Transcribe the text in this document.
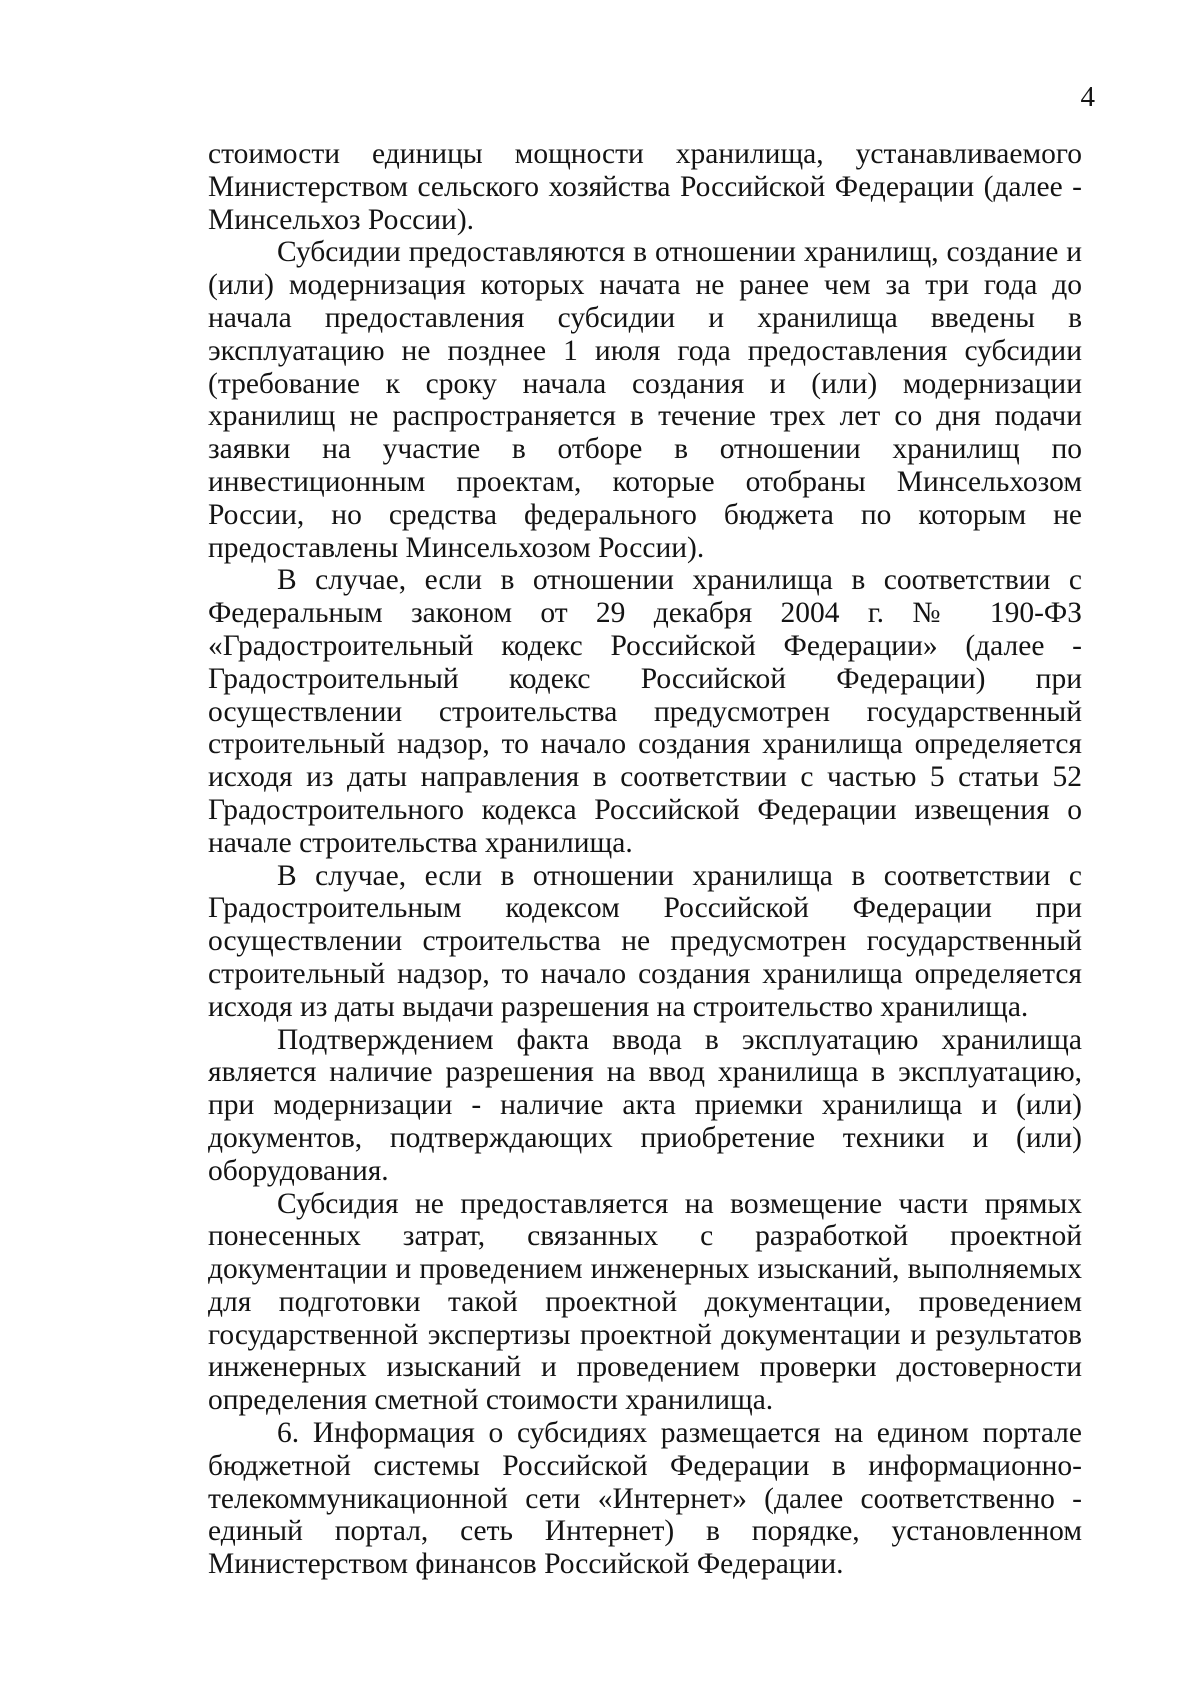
4

стоимости единицы мощности хранилища, устанавливаемого Министерством сельского хозяйства Российской Федерации (далее - Минсельхоз России).

Субсидии предоставляются в отношении хранилищ, создание и (или) модернизация которых начата не ранее чем за три года до начала предоставления субсидии и хранилища введены в эксплуатацию не позднее 1 июля года предоставления субсидии (требование к сроку начала создания и (или) модернизации хранилищ не распространяется в течение трех лет со дня подачи заявки на участие в отборе в отношении хранилищ по инвестиционным проектам, которые отобраны Минсельхозом России, но средства федерального бюджета по которым не предоставлены Минсельхозом России).

В случае, если в отношении хранилища в соответствии с Федеральным законом от 29 декабря 2004 г. № 190-ФЗ «Градостроительный кодекс Российской Федерации» (далее - Градостроительный кодекс Российской Федерации) при осуществлении строительства предусмотрен государственный строительный надзор, то начало создания хранилища определяется исходя из даты направления в соответствии с частью 5 статьи 52 Градостроительного кодекса Российской Федерации извещения о начале строительства хранилища.

В случае, если в отношении хранилища в соответствии с Градостроительным кодексом Российской Федерации при осуществлении строительства не предусмотрен государственный строительный надзор, то начало создания хранилища определяется исходя из даты выдачи разрешения на строительство хранилища.

Подтверждением факта ввода в эксплуатацию хранилища является наличие разрешения на ввод хранилища в эксплуатацию, при модернизации - наличие акта приемки хранилища и (или) документов, подтверждающих приобретение техники и (или) оборудования.

Субсидия не предоставляется на возмещение части прямых понесенных затрат, связанных с разработкой проектной документации и проведением инженерных изысканий, выполняемых для подготовки такой проектной документации, проведением государственной экспертизы проектной документации и результатов инженерных изысканий и проведением проверки достоверности определения сметной стоимости хранилища.

6. Информация о субсидиях размещается на едином портале бюджетной системы Российской Федерации в информационно-телекоммуникационной сети «Интернет» (далее соответственно - единый портал, сеть Интернет) в порядке, установленном Министерством финансов Российской Федерации.
